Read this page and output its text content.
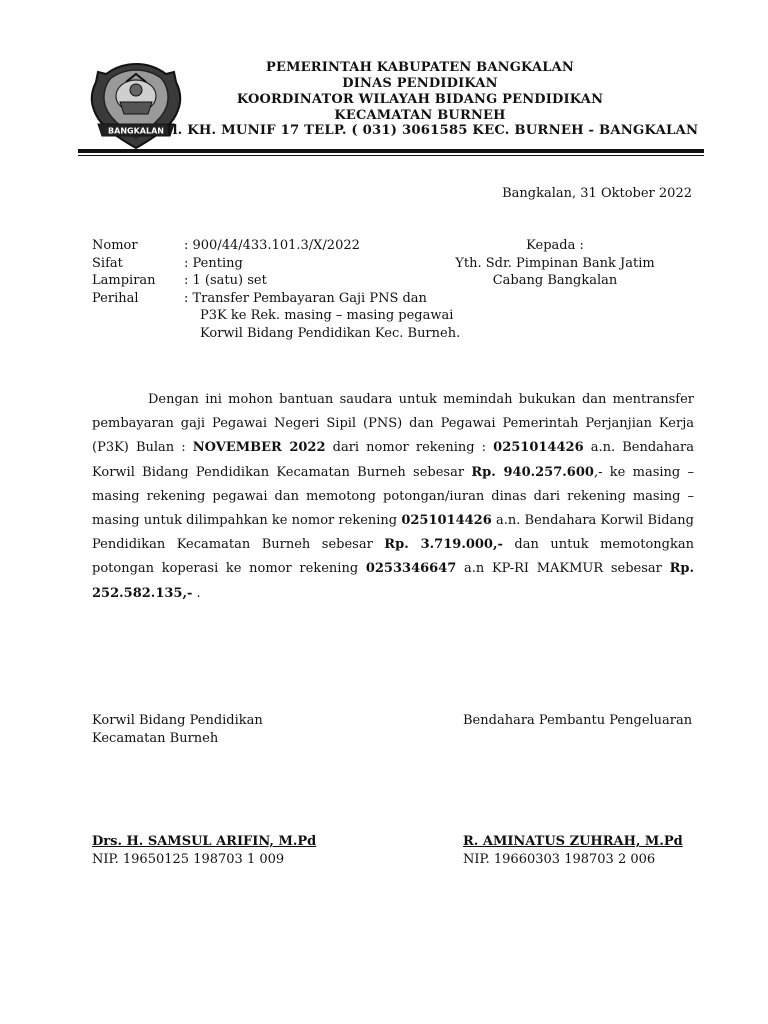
BANGKALAN
PEMERINTAH KABUPATEN BANGKALAN
DINAS PENDIDIKAN
KOORDINATOR WILAYAH BIDANG PENDIDIKAN
KECAMATAN BURNEH
Jl. KH. MUNIF 17 TELP. ( 031) 3061585 KEC. BURNEH - BANGKALAN
Bangkalan, 31 Oktober 2022
Nomor	: 900/44/433.101.3/X/2022
Sifat	: Penting
Lampiran	: 1 (satu) set
Perihal	: Transfer Pembayaran Gaji PNS dan
P3K ke Rek. masing – masing pegawai
Korwil Bidang Pendidikan Kec. Burneh.
Kepada :
Yth. Sdr. Pimpinan Bank Jatim
Cabang Bangkalan
Dengan ini mohon bantuan saudara untuk memindah bukukan dan mentransfer pembayaran gaji Pegawai Negeri Sipil (PNS) dan Pegawai Pemerintah Perjanjian Kerja (P3K) Bulan : NOVEMBER 2022 dari nomor rekening : 0251014426 a.n. Bendahara Korwil Bidang Pendidikan Kecamatan Burneh sebesar Rp. 940.257.600,- ke masing – masing rekening pegawai dan memotong potongan/iuran dinas dari rekening masing – masing untuk dilimpahkan ke nomor rekening 0251014426 a.n. Bendahara Korwil Bidang Pendidikan Kecamatan Burneh sebesar Rp. 3.719.000,- dan untuk memotongkan potongan koperasi ke nomor rekening 0253346647 a.n KP-RI MAKMUR sebesar Rp. 252.582.135,- .
Korwil Bidang Pendidikan
Kecamatan Burneh
Bendahara Pembantu Pengeluaran
Drs. H. SAMSUL ARIFIN, M.Pd
NIP. 19650125 198703 1 009
R. AMINATUS ZUHRAH, M.Pd
NIP. 19660303 198703 2 006
